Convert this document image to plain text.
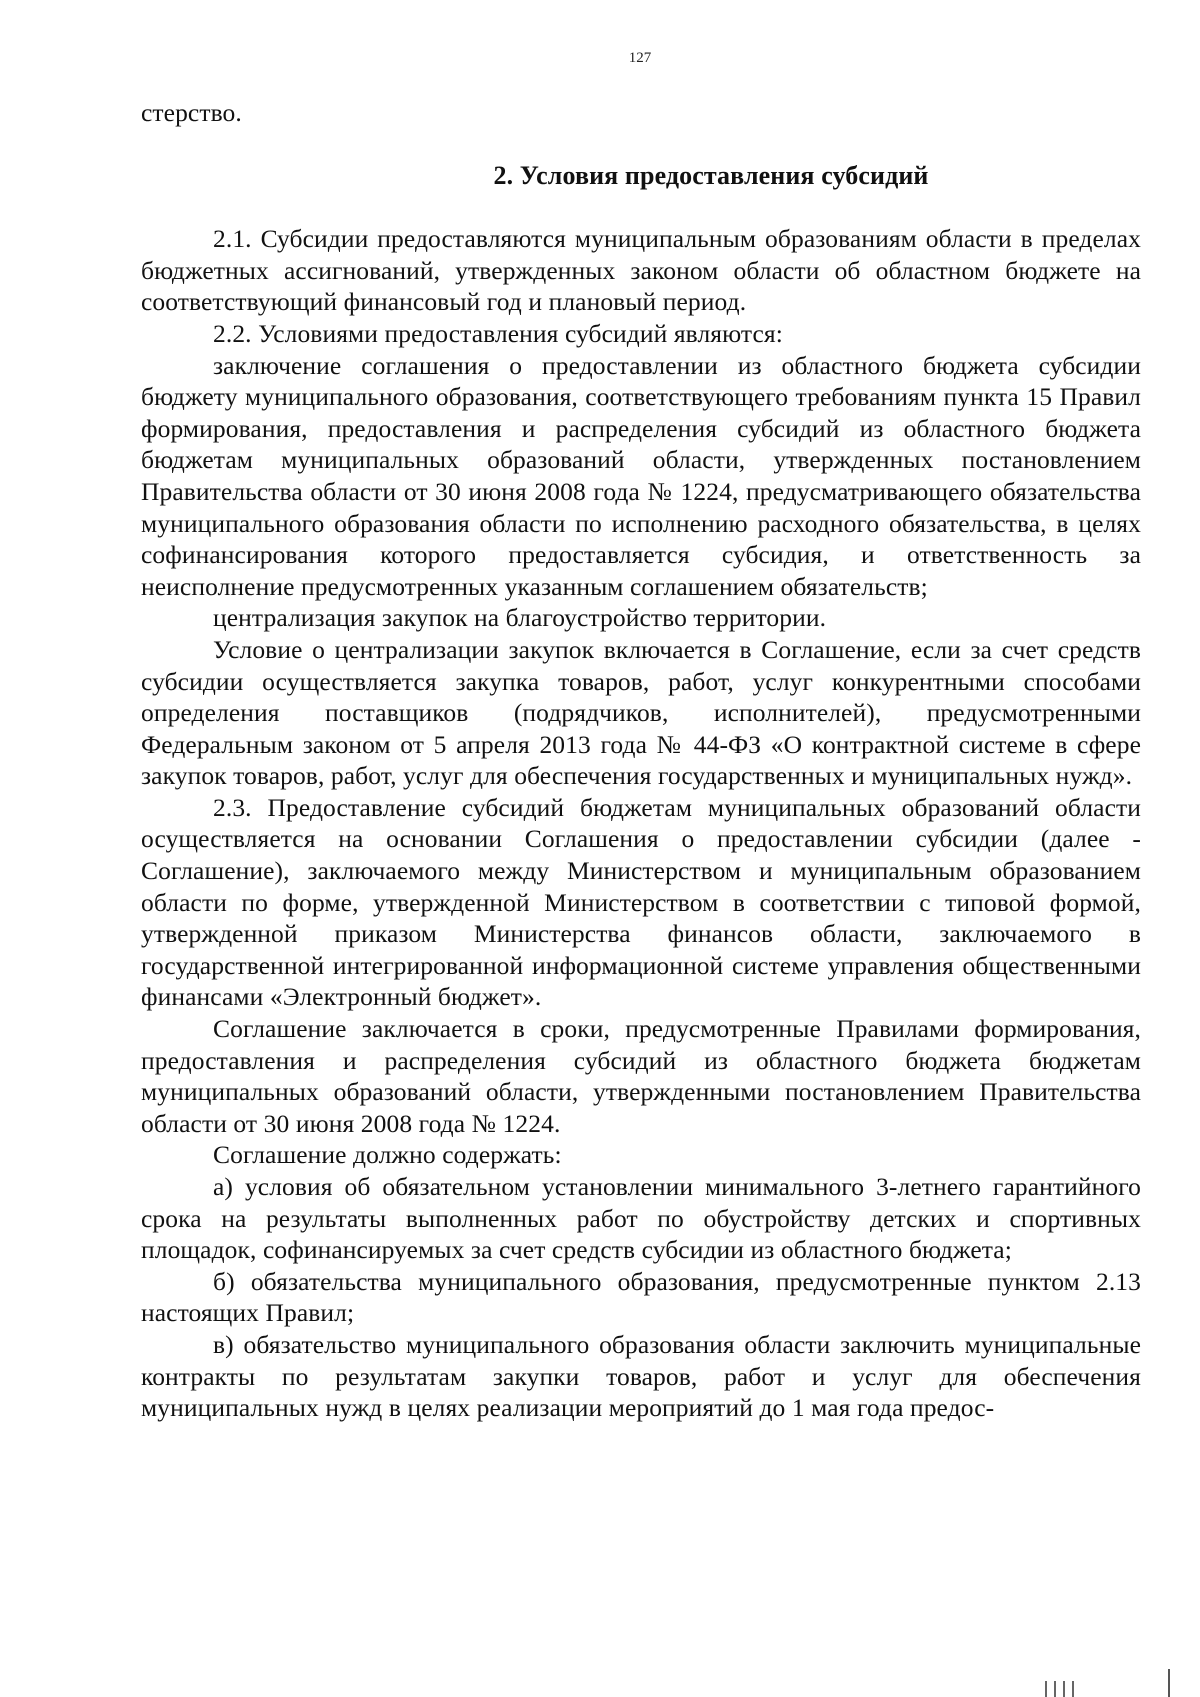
127

стерство.

2. Условия предоставления субсидий

2.1. Субсидии предоставляются муниципальным образованиям области в пределах бюджетных ассигнований, утвержденных законом области об областном бюджете на соответствующий финансовый год и плановый период.

2.2. Условиями предоставления субсидий являются:

заключение соглашения о предоставлении из областного бюджета субсидии бюджету муниципального образования, соответствующего требованиям пункта 15 Правил формирования, предоставления и распределения субсидий из областного бюджета бюджетам муниципальных образований области, утвержденных постановлением Правительства области от 30 июня 2008 года № 1224, предусматривающего обязательства муниципального образования области по исполнению расходного обязательства, в целях софинансирования которого предоставляется субсидия, и ответственность за неисполнение предусмотренных указанным соглашением обязательств;

централизация закупок на благоустройство территории.

Условие о централизации закупок включается в Соглашение, если за счет средств субсидии осуществляется закупка товаров, работ, услуг конкурентными способами определения поставщиков (подрядчиков, исполнителей), предусмотренными Федеральным законом от 5 апреля 2013 года № 44-ФЗ «О контрактной системе в сфере закупок товаров, работ, услуг для обеспечения государственных и муниципальных нужд».

2.3. Предоставление субсидий бюджетам муниципальных образований области осуществляется на основании Соглашения о предоставлении субсидии (далее - Соглашение), заключаемого между Министерством и муниципальным образованием области по форме, утвержденной Министерством в соответствии с типовой формой, утвержденной приказом Министерства финансов области, заключаемого в государственной интегрированной информационной системе управления общественными финансами «Электронный бюджет».

Соглашение заключается в сроки, предусмотренные Правилами формирования, предоставления и распределения субсидий из областного бюджета бюджетам муниципальных образований области, утвержденными постановлением Правительства области от 30 июня 2008 года № 1224.

Соглашение должно содержать:

а) условия об обязательном установлении минимального 3-летнего гарантийного срока на результаты выполненных работ по обустройству детских и спортивных площадок, софинансируемых за счет средств субсидии из областного бюджета;

б) обязательства муниципального образования, предусмотренные пунктом 2.13 настоящих Правил;

в) обязательство муниципального образования области заключить муниципальные контракты по результатам закупки товаров, работ и услуг для обеспечения муниципальных нужд в целях реализации мероприятий до 1 мая года предос-
